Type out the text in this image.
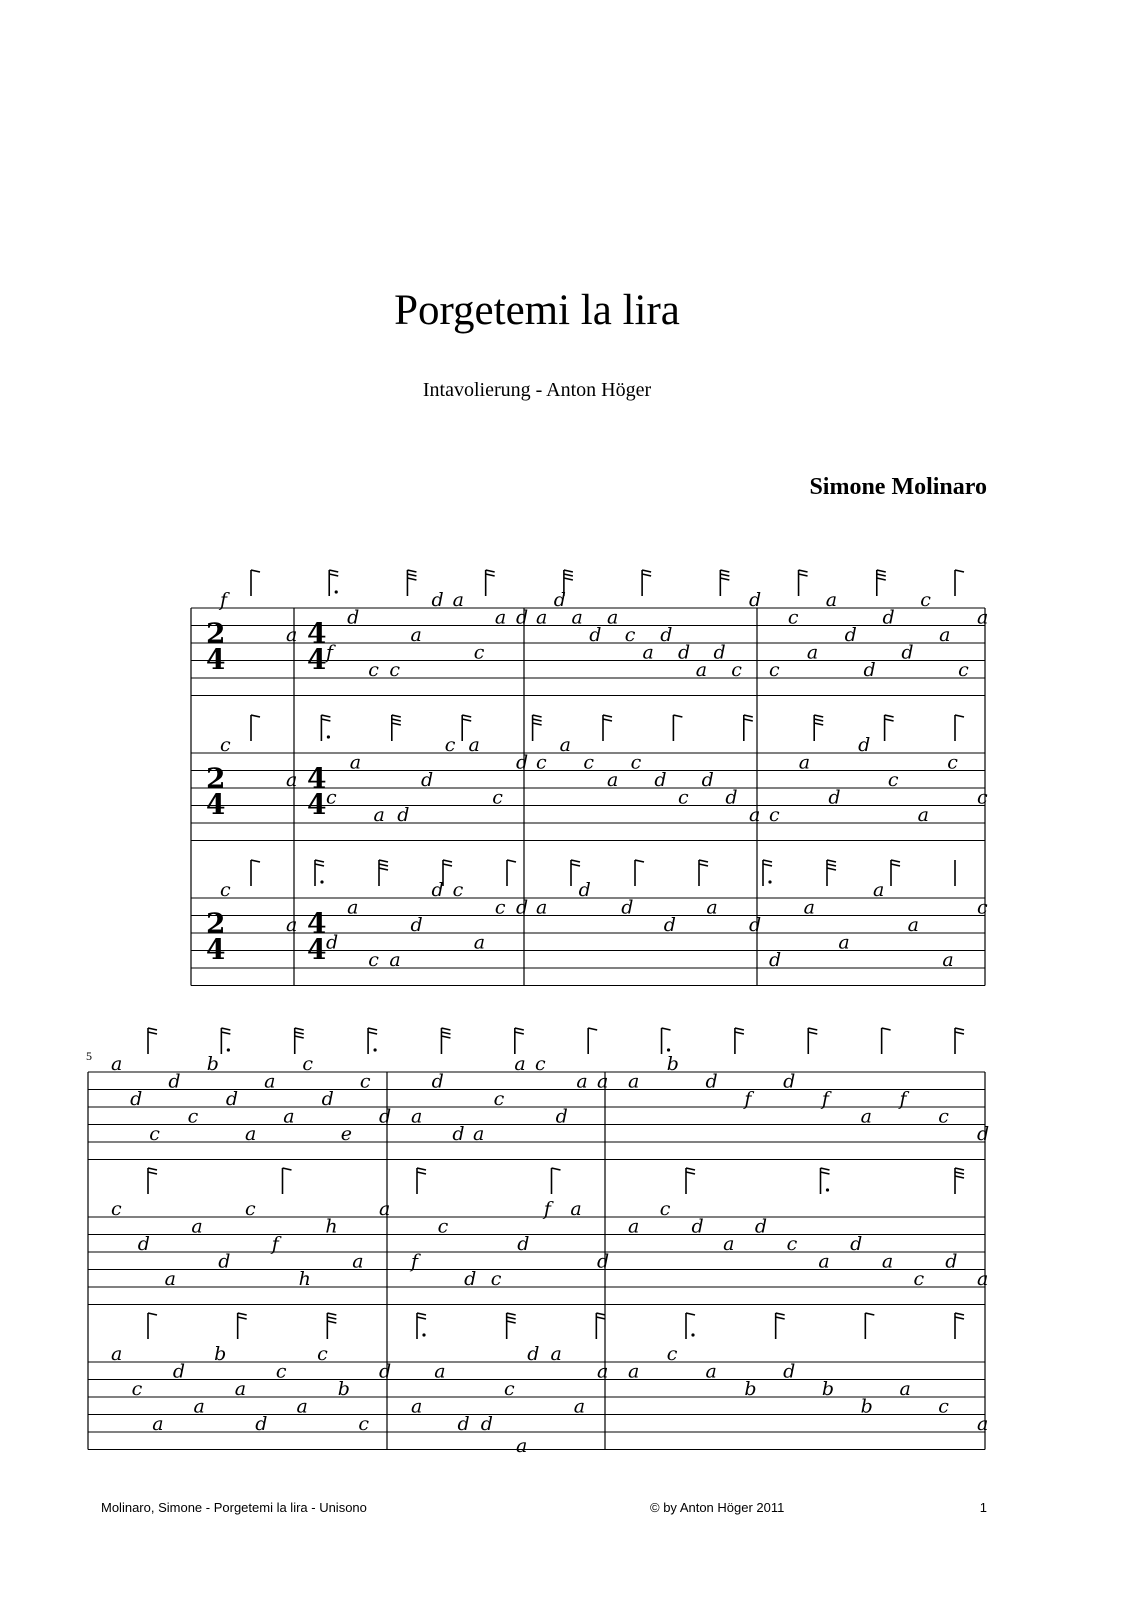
Porgetemi la lira
Intavolierung - Anton Höger
Simone Molinaro
f
a
f
d
c c
a
d a
c
a d a
d
a
d
a
c
a
d
d
a
d
c
d
c
c
a
a
d
d
d
d
c
a
c
a
c
a
c
a
a d
d
c a
c
d c
a
c
a
c
d
c
d
d
a c
a
d
d
c
a
c
c
c
a
d
a
c a
d
d c
a
c d a
d
d
d
a
d
d
a
a
a
a
a
c
a
d
c
d
c
b
d
a
a
a
c
d
e
c
d a
d
d a
c
a c
d
a a a
b
d
f
d
f
a
f
c
d
c
d
a
a
d
c
f
h
h
a
a
f
c
d c
d
f a
d
a
c
d
a
d
c
a
d
a
c
d
a
a
c
a
d
a
b
a
d
c
a
c
b
c
d
a
a
d d
c
d a
a
a a
c
a
b
d
b
b
a
c
a
2
4
2
4
2
4
4
4
4
4
4
4
5
a
Molinaro, Simone - Porgetemi la lira - Unisono	© by Anton Höger 2011	1
